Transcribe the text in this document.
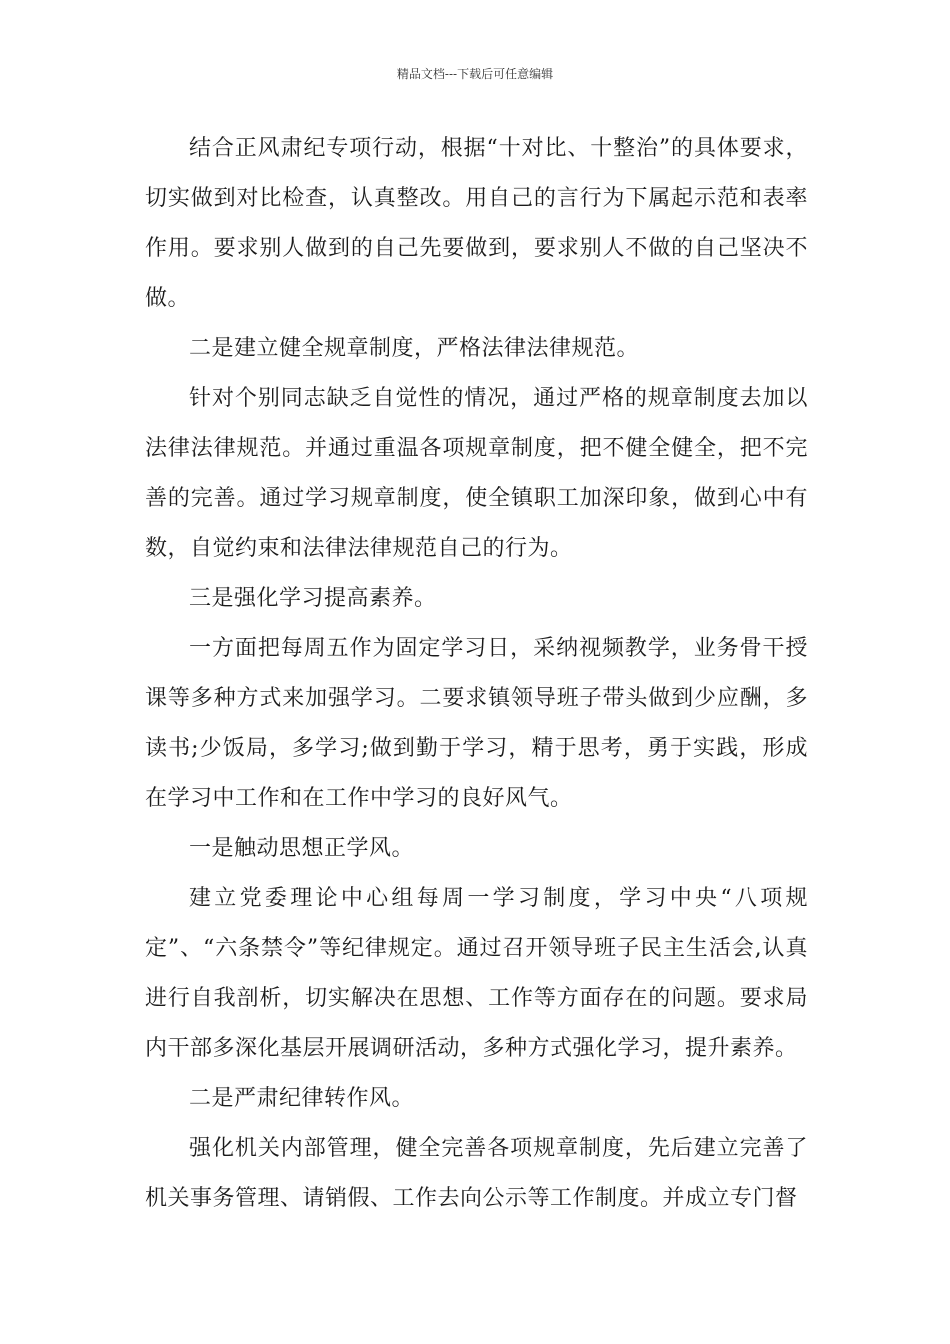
精品文档---下载后可任意编辑

结合正风肃纪专项行动，根据“十对比、十整治”的具体要求，切实做到对比检查，认真整改。用自己的言行为下属起示范和表率作用。要求别人做到的自己先要做到，要求别人不做的自己坚决不做。

二是建立健全规章制度，严格法律法律规范。

针对个别同志缺乏自觉性的情况，通过严格的规章制度去加以法律法律规范。并通过重温各项规章制度，把不健全健全，把不完善的完善。通过学习规章制度，使全镇职工加深印象，做到心中有数，自觉约束和法律法律规范自己的行为。

三是强化学习提高素养。

一方面把每周五作为固定学习日，采纳视频教学，业务骨干授课等多种方式来加强学习。二要求镇领导班子带头做到少应酬，多读书;少饭局，多学习;做到勤于学习，精于思考，勇于实践，形成在学习中工作和在工作中学习的良好风气。

一是触动思想正学风。

建立党委理论中心组每周一学习制度，学习中央“八项规定”、“六条禁令”等纪律规定。通过召开领导班子民主生活会,认真进行自我剖析，切实解决在思想、工作等方面存在的问题。要求局内干部多深化基层开展调研活动，多种方式强化学习，提升素养。

二是严肃纪律转作风。

强化机关内部管理，健全完善各项规章制度，先后建立完善了机关事务管理、请销假、工作去向公示等工作制度。并成立专门督
